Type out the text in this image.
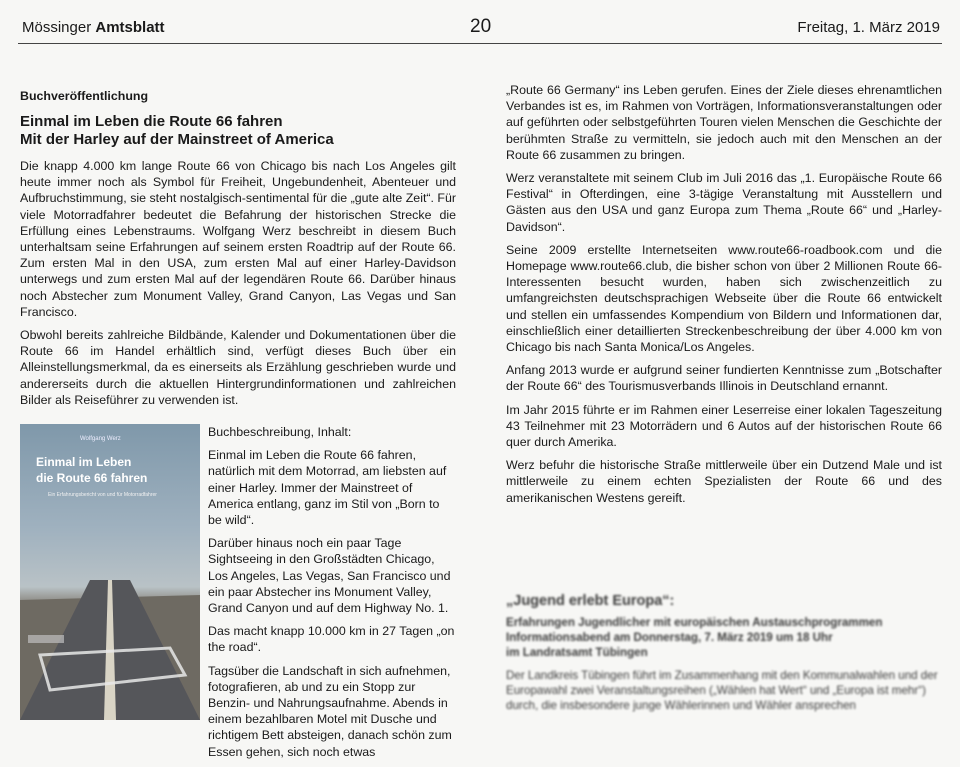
Mössinger Amtsblatt	20	Freitag, 1. März 2019
Buchveröffentlichung
Einmal im Leben die Route 66 fahren
Mit der Harley auf der Mainstreet of America

Die knapp 4.000 km lange Route 66 von Chicago bis nach Los Angeles gilt heute immer noch als Symbol für Freiheit, Ungebundenheit, Abenteuer und Aufbruchstimmung, sie steht nostalgisch-sentimental für die „gute alte Zeit“. Für viele Motorradfahrer bedeutet die Befahrung der historischen Strecke die Erfüllung eines Lebenstraums. Wolfgang Werz beschreibt in diesem Buch unterhaltsam seine Erfahrungen auf seinem ersten Roadtrip auf der Route 66. Zum ersten Mal in den USA, zum ersten Mal auf einer Harley-Davidson unterwegs und zum ersten Mal auf der legendären Route 66. Darüber hinaus noch Abstecher zum Monument Valley, Grand Canyon, Las Vegas und San Francisco.

Obwohl bereits zahlreiche Bildbände, Kalender und Dokumentationen über die Route 66 im Handel erhältlich sind, verfügt dieses Buch über ein Alleinstellungsmerkmal, da es einerseits als Erzählung geschrieben wurde und andererseits durch die aktuellen Hintergrundinformationen und zahlreichen Bilder als Reiseführer zu verwenden ist.

Wolfgang Werz
Einmal im Leben
die Route 66 fahren
Ein Erfahrungsbericht von und für Motorradfahrer

Buchbeschreibung, Inhalt:

Einmal im Leben die Route 66 fahren, natürlich mit dem Motorrad, am liebsten auf einer Harley. Immer der Mainstreet of America entlang, ganz im Stil von „Born to be wild“.

Darüber hinaus noch ein paar Tage Sightseeing in den Großstädten Chicago, Los Angeles, Las Vegas, San Francisco und ein paar Abstecher ins Monument Valley, Grand Canyon und auf dem Highway No. 1.

Das macht knapp 10.000 km in 27 Tagen „on the road“.

Tagsüber die Landschaft in sich aufnehmen, fotografieren, ab und zu ein Stopp zur Benzin- und Nahrungsaufnahme. Abends in einem bezahlbaren Motel mit Dusche und richtigem Bett absteigen, danach schön zum Essen gehen, sich noch etwas

„Route 66 Germany“ ins Leben gerufen. Eines der Ziele dieses ehrenamtlichen Verbandes ist es, im Rahmen von Vorträgen, Informationsveranstaltungen oder auf geführten oder selbstgeführten Touren vielen Menschen die Geschichte der berühmten Straße zu vermitteln, sie jedoch auch mit den Menschen an der Route 66 zusammen zu bringen.

Werz veranstaltete mit seinem Club im Juli 2016 das „1. Europäische Route 66 Festival“ in Ofterdingen, eine 3-tägige Veranstaltung mit Ausstellern und Gästen aus den USA und ganz Europa zum Thema „Route 66“ und „Harley-Davidson“.

Seine 2009 erstellte Internetseiten www.route66-roadbook.com und die Homepage www.route66.club, die bisher schon von über 2 Millionen Route 66-Interessenten besucht wurden, haben sich zwischenzeitlich zu umfangreichsten deutschsprachigen Webseite über die Route 66 entwickelt und stellen ein umfassendes Kompendium von Bildern und Informationen dar, einschließlich einer detaillierten Streckenbeschreibung der über 4.000 km von Chicago bis nach Santa Monica/Los Angeles.

Anfang 2013 wurde er aufgrund seiner fundierten Kenntnisse zum „Botschafter der Route 66“ des Tourismusverbands Illinois in Deutschland ernannt.

Im Jahr 2015 führte er im Rahmen einer Leserreise einer lokalen Tageszeitung 43 Teilnehmer mit 23 Motorrädern und 6 Autos auf der historischen Route 66 quer durch Amerika.

Werz befuhr die historische Straße mittlerweile über ein Dutzend Male und ist mittlerweile zu einem echten Spezialisten der Route 66 und des amerikanischen Westens gereift.

„Jugend erlebt Europa“:
Erfahrungen Jugendlicher mit europäischen Austauschprogrammen
Informationsabend am Donnerstag, 7. März 2019 um 18 Uhr
im Landratsamt Tübingen

Der Landkreis Tübingen führt im Zusammenhang mit den Kommunalwahlen und der Europawahl zwei Veranstaltungsreihen („Wählen hat Wert“ und „Europa ist mehr“) durch, die insbesondere junge Wählerinnen und Wähler ansprechen
